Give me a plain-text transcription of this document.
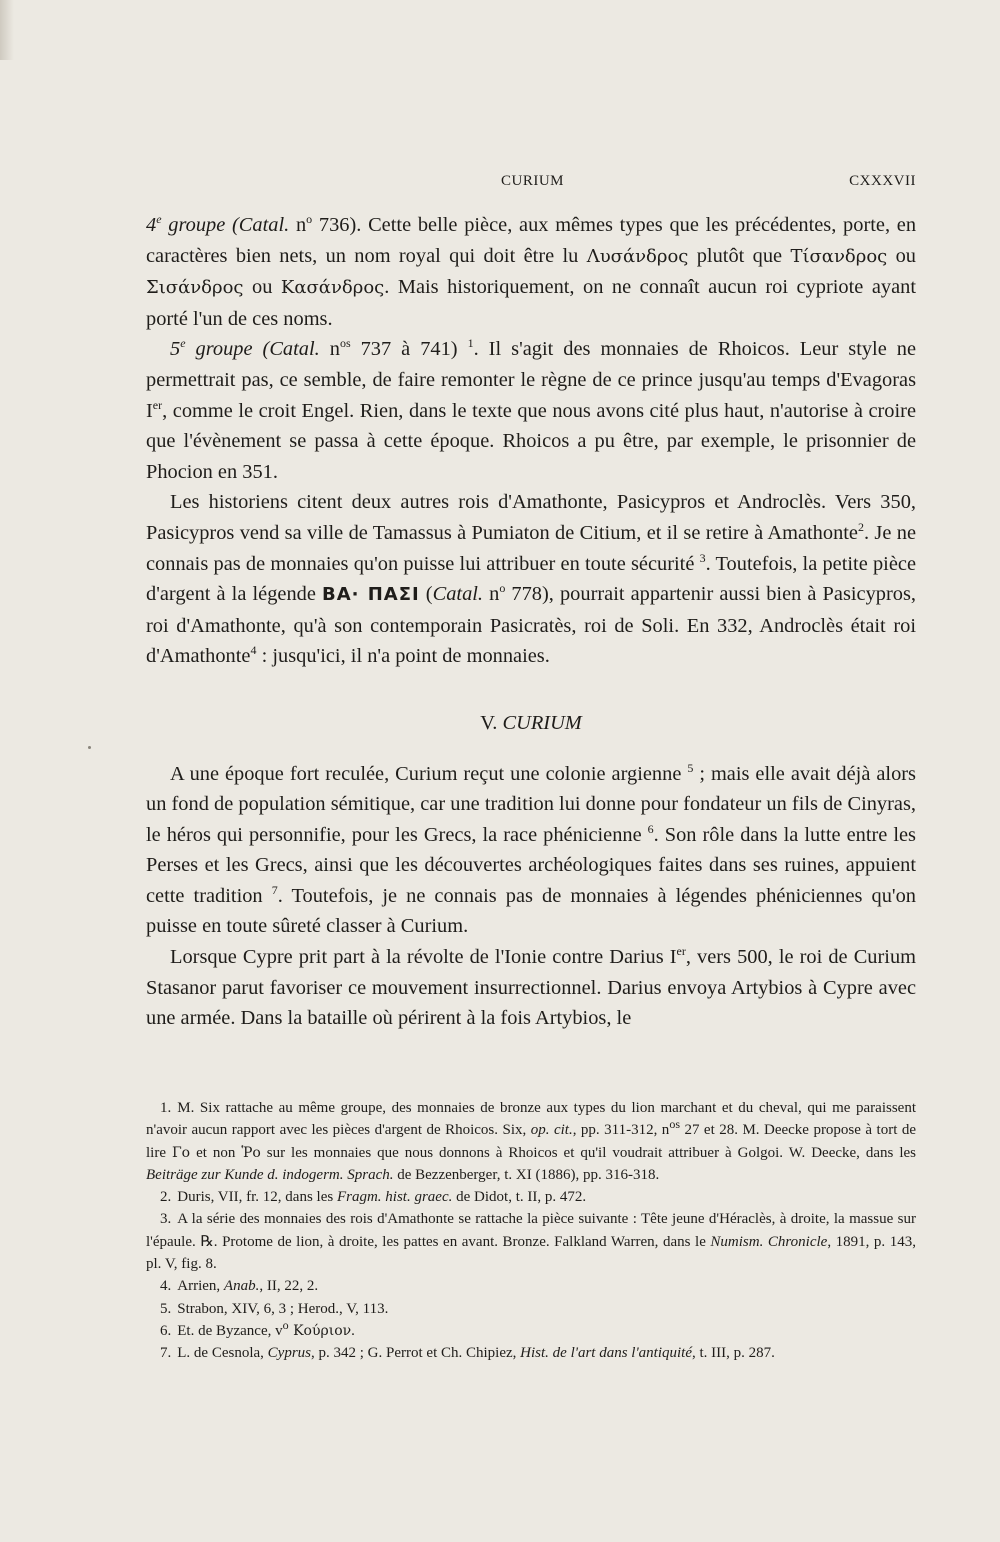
CURIUM	CXXXVII

4e groupe (Catal. $n^o$ 736). Cette belle pièce, aux mêmes types que les précédentes, porte, en caractères bien nets, un nom royal qui doit être lu Λυσάνδρος plutôt que Τίσανδρος ou Σισάνδρος ou Κασάνδρος. Mais historiquement, on ne connaît aucun roi cypriote ayant porté l'un de ces noms.

5e groupe (Catal. $n^{os}$ 737 à 741) $^1$. Il s'agit des monnaies de Rhoicos. Leur style ne permettrait pas, ce semble, de faire remonter le règne de ce prince jusqu'au temps d'Evagoras Ier, comme le croit Engel. Rien, dans le texte que nous avons cité plus haut, n'autorise à croire que l'évènement se passa à cette époque. Rhoicos a pu être, par exemple, le prisonnier de Phocion en 351.

Les historiens citent deux autres rois d'Amathonte, Pasicypros et Androclès. Vers 350, Pasicypros vend sa ville de Tamassus à Pumiaton de Citium, et il se retire à Amathonte$^2$. Je ne connais pas de monnaies qu'on puisse lui attribuer en toute sécurité $^3$. Toutefois, la petite pièce d'argent à la légende ΒΑ· ΠΑΣΙ (Catal. $n^o$ 778), pourrait appartenir aussi bien à Pasicypros, roi d'Amathonte, qu'à son contemporain Pasicratès, roi de Soli. En 332, Androclès était roi d'Amathonte$^4$ : jusqu'ici, il n'a point de monnaies.

V. CURIUM

A une époque fort reculée, Curium reçut une colonie argienne $^5$ ; mais elle avait déjà alors un fond de population sémitique, car une tradition lui donne pour fondateur un fils de Cinyras, le héros qui personnifie, pour les Grecs, la race phénicienne $^6$. Son rôle dans la lutte entre les Perses et les Grecs, ainsi que les découvertes archéologiques faites dans ses ruines, appuient cette tradition $^7$. Toutefois, je ne connais pas de monnaies à légendes phéniciennes qu'on puisse en toute sûreté classer à Curium.

Lorsque Cypre prit part à la révolte de l'Ionie contre Darius Ier, vers 500, le roi de Curium Stasanor parut favoriser ce mouvement insurrectionnel. Darius envoya Artybios à Cypre avec une armée. Dans la bataille où périrent à la fois Artybios, le

1. M. Six rattache au même groupe, des monnaies de bronze aux types du lion marchant et du cheval, qui me paraissent n'avoir aucun rapport avec les pièces d'argent de Rhoicos. Six, op. cit., pp. 311-312, $n^{os}$ 27 et 28. M. Deecke propose à tort de lire Γο et non Ῥο sur les monnaies que nous donnons à Rhoicos et qu'il voudrait attribuer à Golgoi. W. Deecke, dans les Beiträge zur Kunde d. indogerm. Sprach. de Bezzenberger, t. XI (1886), pp. 316-318.

2. Duris, VII, fr. 12, dans les Fragm. hist. graec. de Didot, t. II, p. 472.

3. A la série des monnaies des rois d'Amathonte se rattache la pièce suivante : Tête jeune d'Héraclès, à droite, la massue sur l'épaule. ℞. Protome de lion, à droite, les pattes en avant. Bronze. Falkland Warren, dans le Numism. Chronicle, 1891, p. 143, pl. V, fig. 8.

4. Arrien, Anab., II, 22, 2.

5. Strabon, XIV, 6, 3 ; Herod., V, 113.

6. Et. de Byzance, $v^o$ Κούριον.

7. L. de Cesnola, Cyprus, p. 342 ; G. Perrot et Ch. Chipiez, Hist. de l'art dans l'antiquité, t. III, p. 287.
